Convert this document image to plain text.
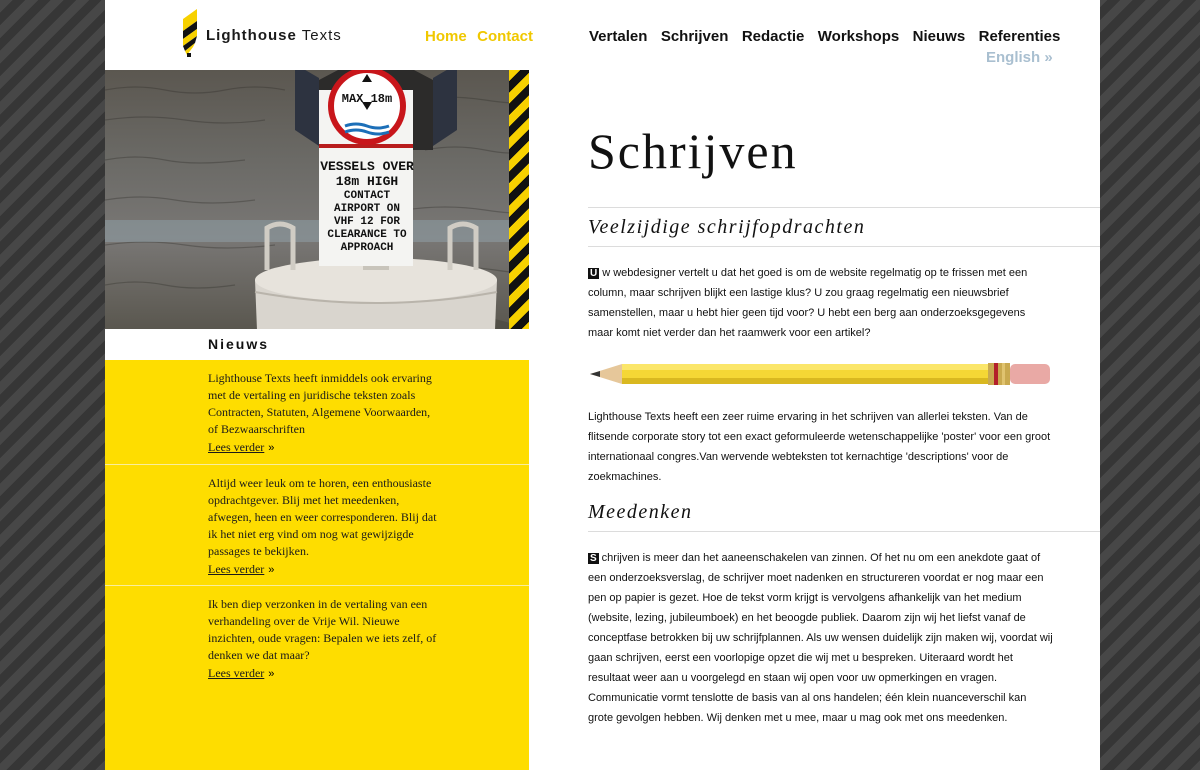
Lighthouse Texts	Home Contact	Vertalen Schrijven Redactie Workshops Nieuws Referenties
English »
MAX 18m
VESSELS OVER
18m HIGH
CONTACT
AIRPORT ON
VHF 12 FOR
CLEARANCE TO
APPROACH
Nieuws
Lighthouse Texts heeft inmiddels ook ervaring met de vertaling en juridische teksten zoals Contracten, Statuten, Algemene Voorwaarden, of Bezwaarschriften
Lees verder »
Altijd weer leuk om te horen, een enthousiaste opdrachtgever. Blij met het meedenken, afwegen, heen en weer corresponderen. Blij dat ik het niet erg vind om nog wat gewijzigde passages te bekijken.
Lees verder »
Ik ben diep verzonken in de vertaling van een verhandeling over de Vrije Wil. Nieuwe inzichten, oude vragen: Bepalen we iets zelf, of denken we dat maar?
Lees verder »
Schrijven
Veelzijdige schrijfopdrachten

U w webdesigner vertelt u dat het goed is om de website regelmatig op te frissen met een column, maar schrijven blijkt een lastige klus? U zou graag regelmatig een nieuwsbrief samenstellen, maar u hebt hier geen tijd voor? U hebt een berg aan onderzoeksgegevens maar komt niet verder dan het raamwerk voor een artikel?

Lighthouse Texts heeft een zeer ruime ervaring in het schrijven van allerlei teksten. Van de flitsende corporate story tot een exact geformuleerde wetenschappelijke 'poster' voor een groot internationaal congres.Van wervende webteksten tot kernachtige 'descriptions' voor de zoekmachines.

Meedenken

S chrijven is meer dan het aaneenschakelen van zinnen. Of het nu om een anekdote gaat of een onderzoeksverslag, de schrijver moet nadenken en structureren voordat er nog maar een pen op papier is gezet. Hoe de tekst vorm krijgt is vervolgens afhankelijk van het medium (website, lezing, jubileumboek) en het beoogde publiek. Daarom zijn wij het liefst vanaf de conceptfase betrokken bij uw schrijfplannen. Als uw wensen duidelijk zijn maken wij, voordat wij gaan schrijven, eerst een voorlopige opzet die wij met u bespreken. Uiteraard wordt het resultaat weer aan u voorgelegd en staan wij open voor uw opmerkingen en vragen. Communicatie vormt tenslotte de basis van al ons handelen; één klein nuanceverschil kan grote gevolgen hebben. Wij denken met u mee, maar u mag ook met ons meedenken.
